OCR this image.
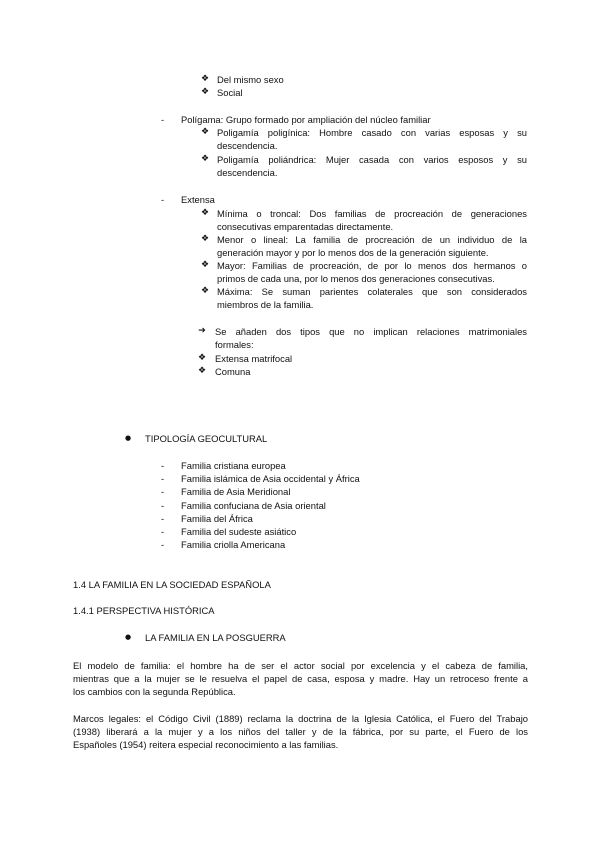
❖ Del mismo sexo
❖ Social
- Polígama: Grupo formado por ampliación del núcleo familiar
❖ Poligamía poligínica: Hombre casado con varias esposas y su
descendencia.
❖ Poligamía poliándrica: Mujer casada con varios esposos y su
descendencia.
- Extensa
❖ Mínima o troncal: Dos familias de procreación de generaciones
consecutivas emparentadas directamente.
❖ Menor o lineal: La familia de procreación de un individuo de la
generación mayor y por lo menos dos de la generación siguiente.
❖ Mayor: Familias de procreación, de por lo menos dos hermanos o
primos de cada una, por lo menos dos generaciones consecutivas.
❖ Máxima: Se suman parientes colaterales que son considerados
miembros de la familia.
➔ Se añaden dos tipos que no implican relaciones matrimoniales
formales:
❖ Extensa matrifocal
❖ Comuna
● TIPOLOGÍA GEOCULTURAL
- Familia cristiana europea
- Familia islámica de Asia occidental y África
- Familia de Asia Meridional
- Familia confuciana de Asia oriental
- Familia del África
- Familia del sudeste asiático
- Familia criolla Americana
1.4 LA FAMILIA EN LA SOCIEDAD ESPAÑOLA
1.4.1 PERSPECTIVA HISTÓRICA
● LA FAMILIA EN LA POSGUERRA
El modelo de familia: el hombre ha de ser el actor social por excelencia y el cabeza de familia,
mientras que a la mujer se le resuelva el papel de casa, esposa y madre. Hay un retroceso frente a
los cambios con la segunda República.
Marcos legales: el Código Civil (1889) reclama la doctrina de la Iglesia Católica, el Fuero del Trabajo
(1938) liberará a la mujer y a los niños del taller y de la fábrica, por su parte, el Fuero de los
Españoles (1954) reitera especial reconocimiento a las familias.
